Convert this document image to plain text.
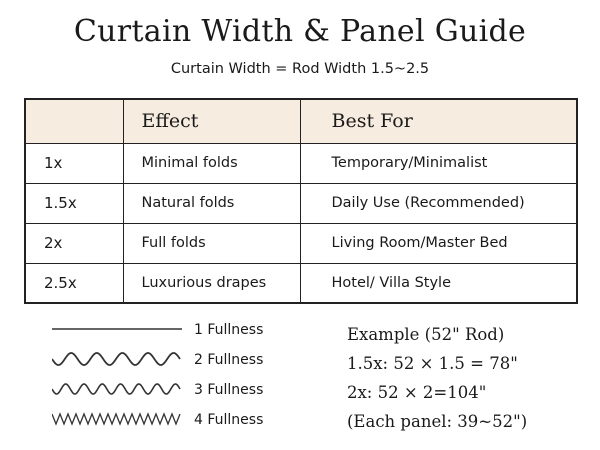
Curtain Width & Panel Guide
Curtain Width = Rod Width 1.5~2.5
	Effect	Best For
1x	Minimal folds	Temporary/Minimalist
1.5x	Natural folds	Daily Use (Recommended)
2x	Full folds	Living Room/Master Bed
2.5x	Luxurious drapes	Hotel/ Villa Style
1 Fullness
2 Fullness
3 Fullness
4 Fullness
Example (52" Rod)
1.5x: 52 × 1.5 = 78"
2x: 52 × 2=104"
(Each panel: 39~52")
